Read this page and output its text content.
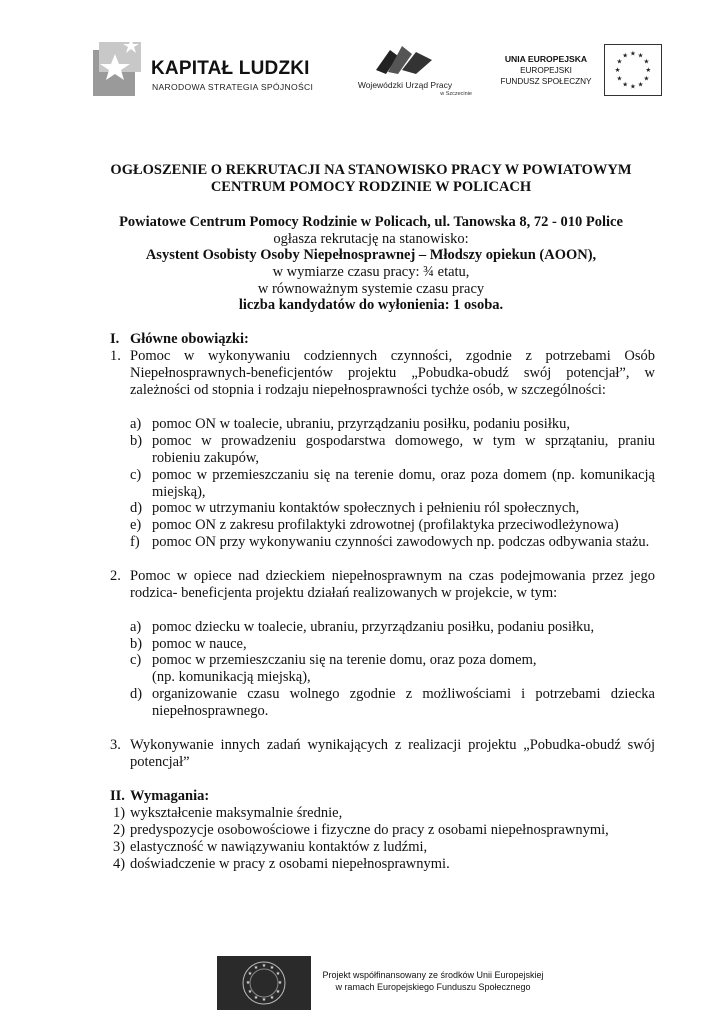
KAPITAŁ LUDZKI
NARODOWA STRATEGIA SPÓJNOŚCI	Wojewódzki Urząd Pracy
w Szczecinie
UNIA EUROPEJSKA
EUROPEJSKI
FUNDUSZ SPOŁECZNY
★ ★
★
★
★
★
★
★
★
★
★
★
OGŁOSZENIE O REKRUTACJI NA STANOWISKO PRACY W POWIATOWYM
CENTRUM POMOCY RODZINIE W POLICACH
Powiatowe Centrum Pomocy Rodzinie w Policach, ul. Tanowska 8, 72 - 010 Police
ogłasza rekrutację na stanowisko:
Asystent Osobisty Osoby Niepełnosprawnej – Młodszy opiekun (AOON),
w wymiarze czasu pracy: ¾ etatu,
w równoważnym systemie czasu pracy
liczba kandydatów do wyłonienia: 1 osoba.
I. Główne obowiązki:
1. Pomoc w wykonywaniu codziennych czynności, zgodnie z potrzebami Osób
Niepełnosprawnych-beneficjentów projektu „Pobudka-obudź swój potencjał”, w
zależności od stopnia i rodzaju niepełnosprawności tychże osób, w szczególności:
a) pomoc ON w toalecie, ubraniu, przyrządzaniu posiłku, podaniu posiłku,
b) pomoc w prowadzeniu gospodarstwa domowego, w tym w sprzątaniu, praniu
robieniu zakupów,
c) pomoc w przemieszczaniu się na terenie domu, oraz poza domem (np. komunikacją
miejską),
d) pomoc w utrzymaniu kontaktów społecznych i pełnieniu ról społecznych,
e) pomoc ON z zakresu profilaktyki zdrowotnej (profilaktyka przeciwodleżynowa)
f) pomoc ON przy wykonywaniu czynności zawodowych np. podczas odbywania stażu.
2. Pomoc w opiece nad dzieckiem niepełnosprawnym na czas podejmowania przez jego
rodzica- beneficjenta projektu działań realizowanych w projekcie, w tym:
a) pomoc dziecku w toalecie, ubraniu, przyrządzaniu posiłku, podaniu posiłku,
b) pomoc w nauce,
c) pomoc w przemieszczaniu się na terenie domu, oraz poza domem,
(np. komunikacją miejską),
d) organizowanie czasu wolnego zgodnie z możliwościami i potrzebami dziecka
niepełnosprawnego.
3. Wykonywanie innych zadań wynikających z realizacji projektu „Pobudka-obudź swój
potencjał”
II. Wymagania:
1) wykształcenie maksymalnie średnie,
2) predyspozycje osobowościowe i fizyczne do pracy z osobami niepełnosprawnymi,
3) elastyczność w nawiązywaniu kontaktów z ludźmi,
4) doświadczenie w pracy z osobami niepełnosprawnymi.
★ ★
★
★
★
★
★
★
★
★
★
★
Projekt współfinansowany ze środków Unii Europejskiej
w ramach Europejskiego Funduszu Społecznego
